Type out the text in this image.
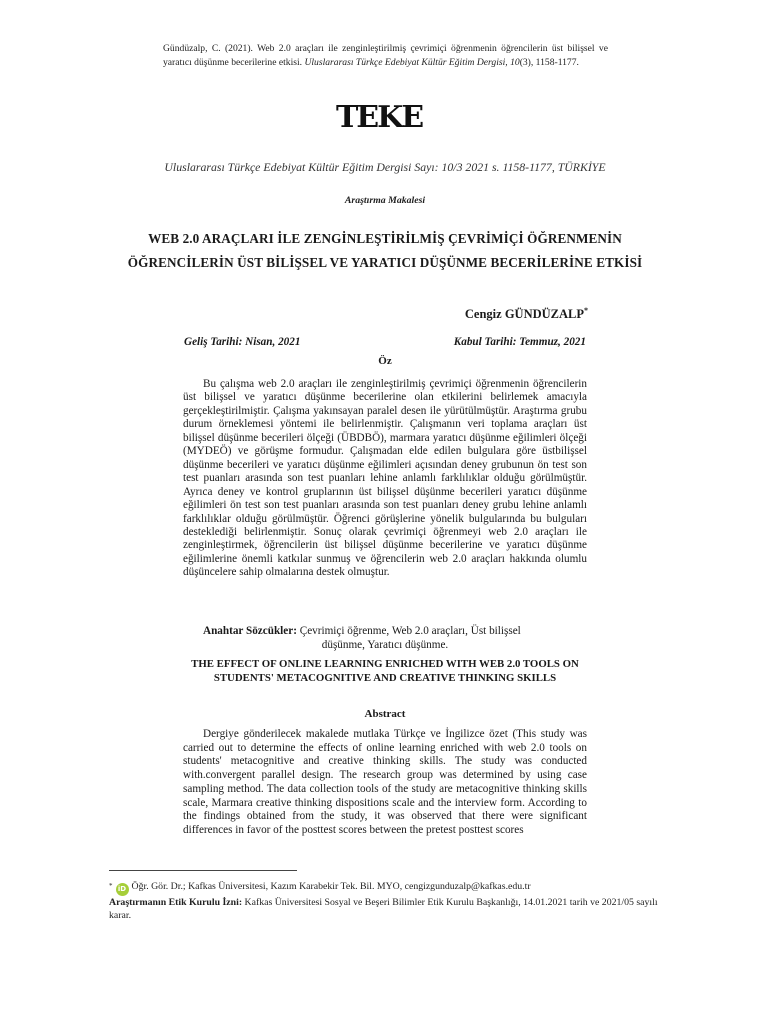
Gündüzalp, C. (2021). Web 2.0 araçları ile zenginleştirilmiş çevrimiçi öğrenmenin öğrencilerin üst bilişsel ve yaratıcı düşünme becerilerine etkisi. Uluslararası Türkçe Edebiyat Kültür Eğitim Dergisi, 10(3), 1158-1177.
TEKE
Uluslararası Türkçe Edebiyat Kültür Eğitim Dergisi Sayı: 10/3 2021 s. 1158-1177, TÜRKİYE
Araştırma Makalesi
WEB 2.0 ARAÇLARI İLE ZENGİNLEŞTİRİLMİŞ ÇEVRİMİÇİ ÖĞRENMENİN ÖĞRENCİLERİN ÜST BİLİŞSEL VE YARATICI DÜŞÜNME BECERİLERİNE ETKİSİ
Cengiz GÜNDÜZALP*
Geliş Tarihi: Nisan, 2021	Kabul Tarihi: Temmuz, 2021
Öz
Bu çalışma web 2.0 araçları ile zenginleştirilmiş çevrimiçi öğrenmenin öğrencilerin üst bilişsel ve yaratıcı düşünme becerilerine olan etkilerini belirlemek amacıyla gerçekleştirilmiştir. Çalışma yakınsayan paralel desen ile yürütülmüştür. Araştırma grubu durum örneklemesi yöntemi ile belirlenmiştir. Çalışmanın veri toplama araçları üst bilişsel düşünme becerileri ölçeği (ÜBDBÖ), marmara yaratıcı düşünme eğilimleri ölçeği (MYDEÖ) ve görüşme formudur. Çalışmadan elde edilen bulgulara göre üstbilişsel düşünme becerileri ve yaratıcı düşünme eğilimleri açısından deney grubunun ön test son test puanları arasında son test puanları lehine anlamlı farklılıklar olduğu görülmüştür. Ayrıca deney ve kontrol gruplarının üst bilişsel düşünme becerileri yaratıcı düşünme eğilimleri ön test son test puanları arasında son test puanları deney grubu lehine anlamlı farklılıklar olduğu görülmüştür. Öğrenci görüşlerine yönelik bulgularında bu bulguları desteklediği belirlenmiştir. Sonuç olarak çevrimiçi öğrenmeyi web 2.0 araçları ile zenginleştirmek, öğrencilerin üst bilişsel düşünme becerilerine ve yaratıcı düşünme eğilimlerine önemli katkılar sunmuş ve öğrencilerin web 2.0 araçları hakkında olumlu düşüncelere sahip olmalarına destek olmuştur.
Anahtar Sözcükler: Çevrimiçi öğrenme, Web 2.0 araçları, Üst bilişsel
düşünme, Yaratıcı düşünme.
THE EFFECT OF ONLINE LEARNING ENRICHED WITH WEB 2.0 TOOLS ON STUDENTS' METACOGNITIVE AND CREATIVE THINKING SKILLS
Abstract
Dergiye gönderilecek makalede mutlaka Türkçe ve İngilizce özet (This study was carried out to determine the effects of online learning enriched with web 2.0 tools on students' metacognitive and creative thinking skills. The study was conducted with.convergent parallel design. The research group was determined by using case sampling method. The data collection tools of the study are metacognitive thinking skills scale, Marmara creative thinking dispositions scale and the interview form. According to the findings obtained from the study, it was observed that there were significant differences in favor of the posttest scores between the pretest posttest scores
* iD Öğr. Gör. Dr.; Kafkas Üniversitesi, Kazım Karabekir Tek. Bil. MYO, cengizgunduzalp@kafkas.edu.tr
Araştırmanın Etik Kurulu İzni: Kafkas Üniversitesi Sosyal ve Beşeri Bilimler Etik Kurulu Başkanlığı, 14.01.2021 tarih ve 2021/05 sayılı karar.
